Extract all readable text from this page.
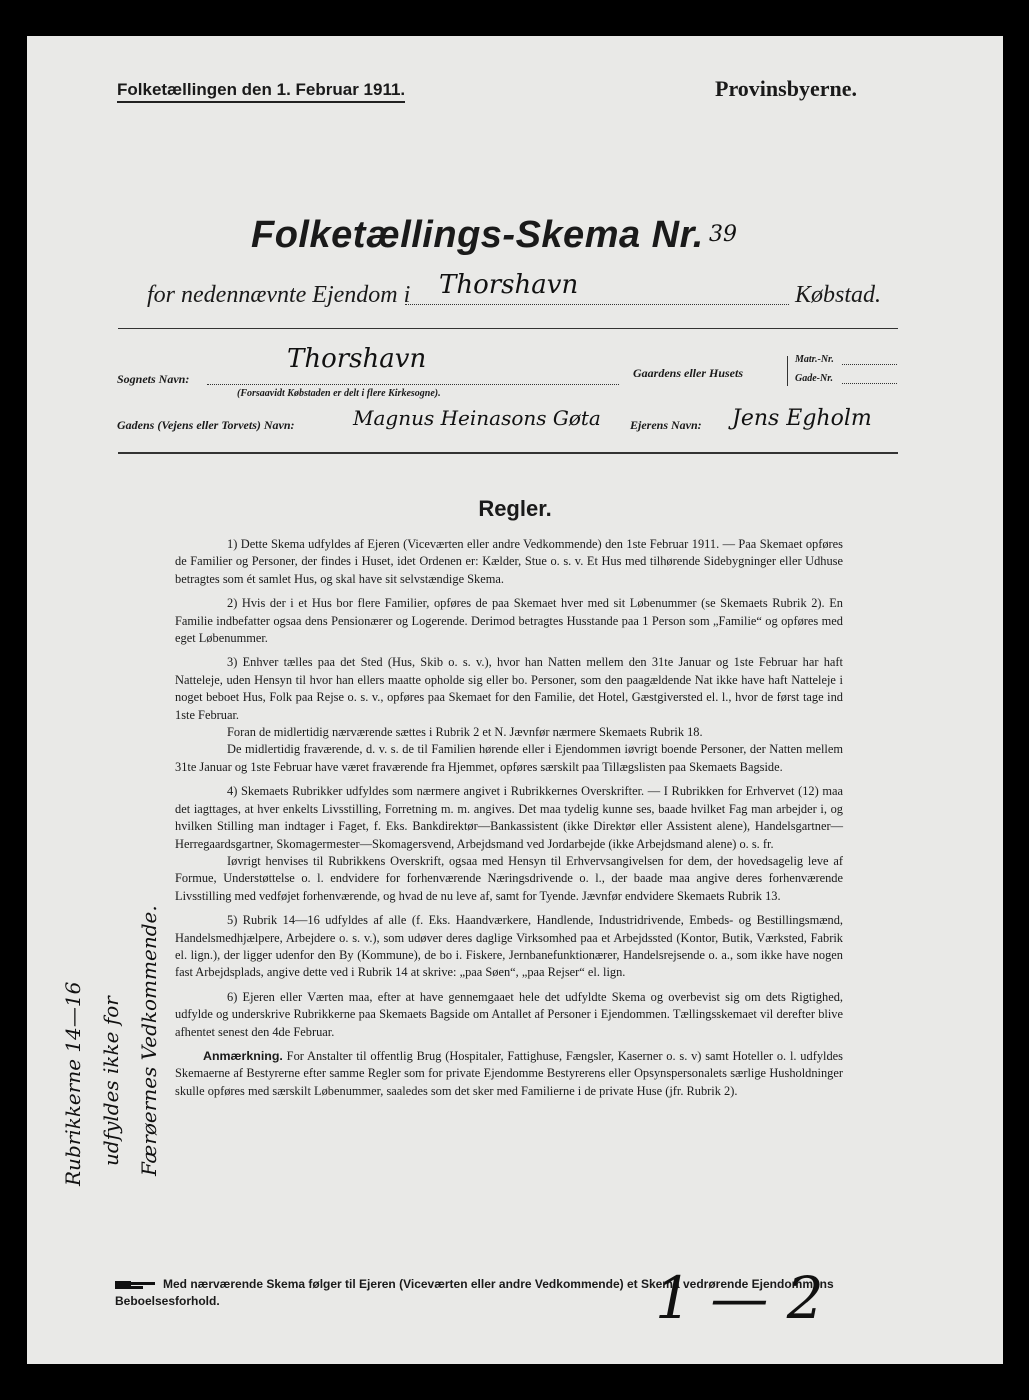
Folketællingen den 1. Februar 1911.	Provinsbyerne.
Folketællings-Skema Nr. 39
for nedennævnte Ejendom i Thorshavn	Købstad.
Sognets Navn:
Thorshavn
(Forsaavidt Købstaden er delt i flere Kirkesogne).
Gaardens eller Husets
Matr.-Nr.
Gade-Nr.
Gadens (Vejens eller Torvets) Navn:	Magnus Heinasons Gøta Ejerens Navn: Jens Egholm
Regler.

1) Dette Skema udfyldes af Ejeren (Viceværten eller andre Vedkommende) den 1ste Februar 1911. — Paa Skemaet opføres de Familier og Personer, der findes i Huset, idet Ordenen er: Kælder, Stue o. s. v. Et Hus med tilhørende Sidebygninger eller Udhuse betragtes som ét samlet Hus, og skal have sit selvstændige Skema.

2) Hvis der i et Hus bor flere Familier, opføres de paa Skemaet hver med sit Løbenummer (se Skemaets Rubrik 2). En Familie indbefatter ogsaa dens Pensionærer og Logerende. Derimod betragtes Husstande paa 1 Person som „Familie“ og opføres med eget Løbenummer.

3) Enhver tælles paa det Sted (Hus, Skib o. s. v.), hvor han Natten mellem den 31te Januar og 1ste Februar har haft Natteleje, uden Hensyn til hvor han ellers maatte opholde sig eller bo. Personer, som den paagældende Nat ikke have haft Natteleje i noget beboet Hus, Folk paa Rejse o. s. v., opføres paa Skemaet for den Familie, det Hotel, Gæstgiversted el. l., hvor de først tage ind 1ste Februar.

Foran de midlertidig nærværende sættes i Rubrik 2 et N. Jævnfør nærmere Skemaets Rubrik 18.

De midlertidig fraværende, d. v. s. de til Familien hørende eller i Ejendommen iøvrigt boende Personer, der Natten mellem 31te Januar og 1ste Februar have været fraværende fra Hjemmet, opføres særskilt paa Tillægslisten paa Skemaets Bagside.

4) Skemaets Rubrikker udfyldes som nærmere angivet i Rubrikkernes Overskrifter. — I Rubrikken for Erhvervet (12) maa det iagttages, at hver enkelts Livsstilling, Forretning m. m. angives. Det maa tydelig kunne ses, baade hvilket Fag man arbejder i, og hvilken Stilling man indtager i Faget, f. Eks. Bankdirektør—Bankassistent (ikke Direktør eller Assistent alene), Handelsgartner—Herregaardsgartner, Skomagermester—Skomagersvend, Arbejdsmand ved Jordarbejde (ikke Arbejdsmand alene) o. s. fr.

Iøvrigt henvises til Rubrikkens Overskrift, ogsaa med Hensyn til Erhvervsangivelsen for dem, der hovedsagelig leve af Formue, Understøttelse o. l. endvidere for forhenværende Næringsdrivende o. l., der baade maa angive deres forhenværende Livsstilling med vedføjet forhenværende, og hvad de nu leve af, samt for Tyende. Jævnfør endvidere Skemaets Rubrik 13.

5) Rubrik 14—16 udfyldes af alle (f. Eks. Haandværkere, Handlende, Industridrivende, Embeds- og Bestillingsmænd, Handelsmedhjælpere, Arbejdere o. s. v.), som udøver deres daglige Virksomhed paa et Arbejdssted (Kontor, Butik, Værksted, Fabrik el. lign.), der ligger udenfor den By (Kommune), de bo i. Fiskere, Jernbanefunktionærer, Handelsrejsende o. a., som ikke have nogen fast Arbejdsplads, angive dette ved i Rubrik 14 at skrive: „paa Søen“, „paa Rejser“ el. lign.

6) Ejeren eller Værten maa, efter at have gennemgaaet hele det udfyldte Skema og overbevist sig om dets Rigtighed, udfylde og underskrive Rubrikkerne paa Skemaets Bagside om Antallet af Personer i Ejendommen. Tællingsskemaet vil derefter blive afhentet senest den 4de Februar.

Anmærkning. For Anstalter til offentlig Brug (Hospitaler, Fattighuse, Fængsler, Kaserner o. s. v) samt Hoteller o. l. udfyldes Skemaerne af Bestyrerne efter samme Regler som for private Ejendomme Bestyrerens eller Opsynspersonalets særlige Husholdninger skulle opføres med særskilt Løbenummer, saaledes som det sker med Familierne i de private Huse (jfr. Rubrik 2).

Rubrikkerne 14—16 udfyldes ikke for Færøernes Vedkommende.
Med nærværende Skema følger til Ejeren (Viceværten eller andre Vedkommende) et Skema vedrørende Ejendommens Beboelsesforhold.	1 — 2
